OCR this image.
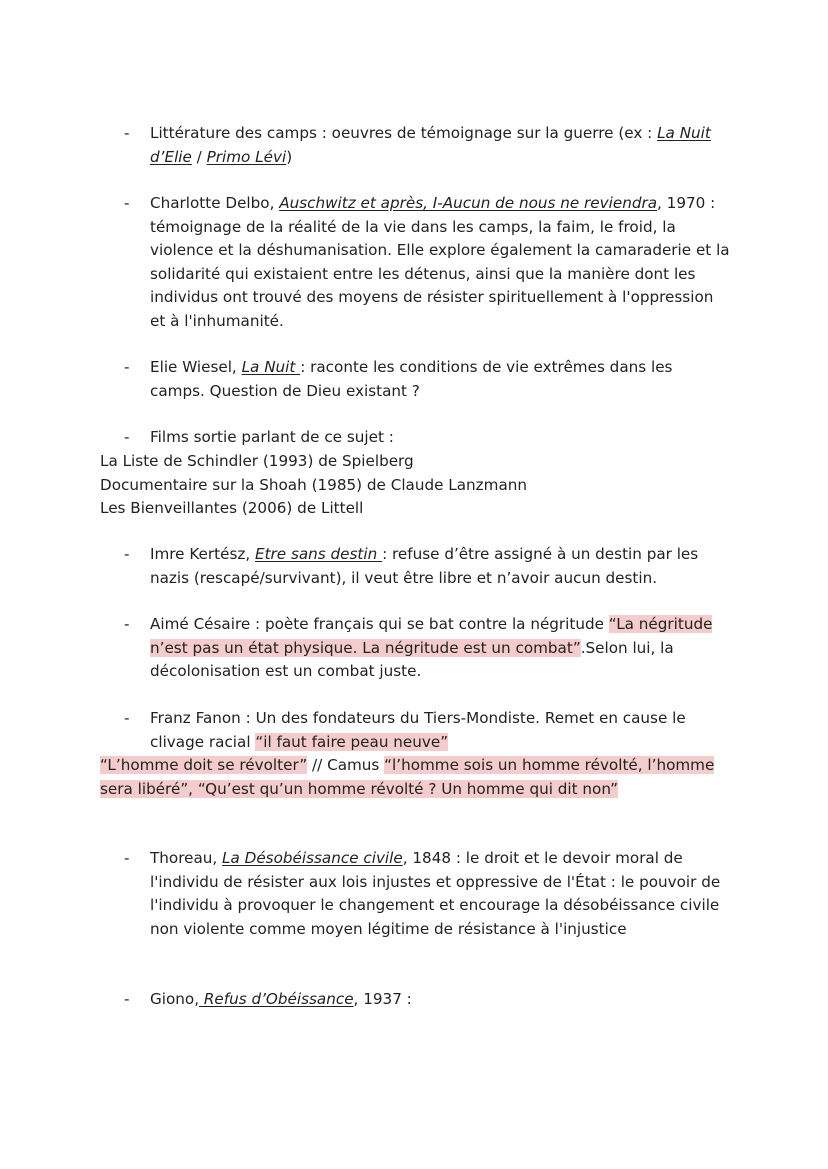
- Littérature des camps : oeuvres de témoignage sur la guerre (ex : La Nuit d’Elie / Primo Lévi)
- Charlotte Delbo, Auschwitz et après, I-Aucun de nous ne reviendra, 1970 : témoignage de la réalité de la vie dans les camps, la faim, le froid, la violence et la déshumanisation. Elle explore également la camaraderie et la solidarité qui existaient entre les détenus, ainsi que la manière dont les individus ont trouvé des moyens de résister spirituellement à l'oppression et à l'inhumanité.
- Elie Wiesel, La Nuit : raconte les conditions de vie extrêmes dans les camps. Question de Dieu existant ?
- Films sortie parlant de ce sujet :
La Liste de Schindler (1993) de Spielberg
Documentaire sur la Shoah (1985) de Claude Lanzmann
Les Bienveillantes (2006) de Littell
- Imre Kertész, Etre sans destin : refuse d’être assigné à un destin par les nazis (rescapé/survivant), il veut être libre et n’avoir aucun destin.
- Aimé Césaire : poète français qui se bat contre la négritude “La négritude n’est pas un état physique. La négritude est un combat”.Selon lui, la décolonisation est un combat juste.
- Franz Fanon : Un des fondateurs du Tiers-Mondiste. Remet en cause le clivage racial “il faut faire peau neuve”
“L’homme doit se révolter” // Camus “l’homme sois un homme révolté, l’homme sera libéré”, “Qu’est qu’un homme révolté ? Un homme qui dit non”
- Thoreau, La Désobéissance civile, 1848 : le droit et le devoir moral de l'individu de résister aux lois injustes et oppressive de l'État : le pouvoir de l'individu à provoquer le changement et encourage la désobéissance civile non violente comme moyen légitime de résistance à l'injustice
- Giono, Refus d’Obéissance, 1937 :
